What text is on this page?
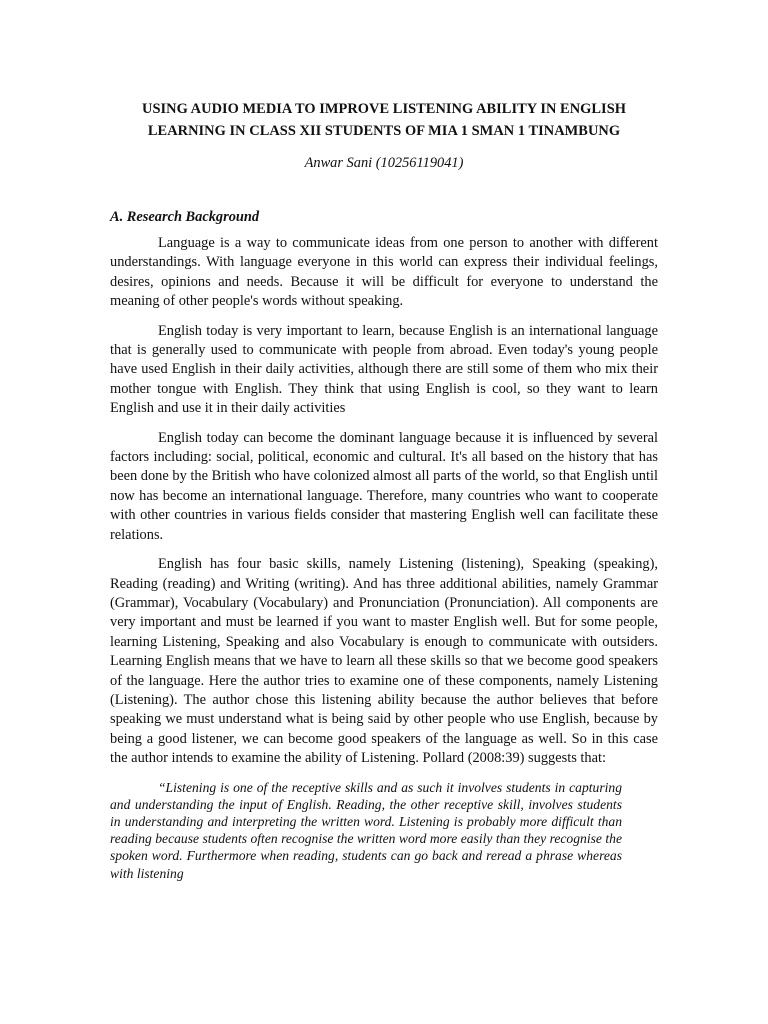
USING AUDIO MEDIA TO IMPROVE LISTENING ABILITY IN ENGLISH
LEARNING IN CLASS XII STUDENTS OF MIA 1 SMAN 1 TINAMBUNG

Anwar Sani (10256119041)

A. Research Background

Language is a way to communicate ideas from one person to another with different understandings. With language everyone in this world can express their individual feelings, desires, opinions and needs. Because it will be difficult for everyone to understand the meaning of other people's words without speaking.

English today is very important to learn, because English is an international language that is generally used to communicate with people from abroad. Even today's young people have used English in their daily activities, although there are still some of them who mix their mother tongue with English. They think that using English is cool, so they want to learn English and use it in their daily activities

English today can become the dominant language because it is influenced by several factors including: social, political, economic and cultural. It's all based on the history that has been done by the British who have colonized almost all parts of the world, so that English until now has become an international language. Therefore, many countries who want to cooperate with other countries in various fields consider that mastering English well can facilitate these relations.

English has four basic skills, namely Listening (listening), Speaking (speaking), Reading (reading) and Writing (writing). And has three additional abilities, namely Grammar (Grammar), Vocabulary (Vocabulary) and Pronunciation (Pronunciation). All components are very important and must be learned if you want to master English well. But for some people, learning Listening, Speaking and also Vocabulary is enough to communicate with outsiders. Learning English means that we have to learn all these skills so that we become good speakers of the language. Here the author tries to examine one of these components, namely Listening (Listening). The author chose this listening ability because the author believes that before speaking we must understand what is being said by other people who use English, because by being a good listener, we can become good speakers of the language as well. So in this case the author intends to examine the ability of Listening. Pollard (2008:39) suggests that:

“Listening is one of the receptive skills and as such it involves students in capturing and understanding the input of English. Reading, the other receptive skill, involves students in understanding and interpreting the written word. Listening is probably more difficult than reading because students often recognise the written word more easily than they recognise the spoken word. Furthermore when reading, students can go back and reread a phrase whereas with listening
